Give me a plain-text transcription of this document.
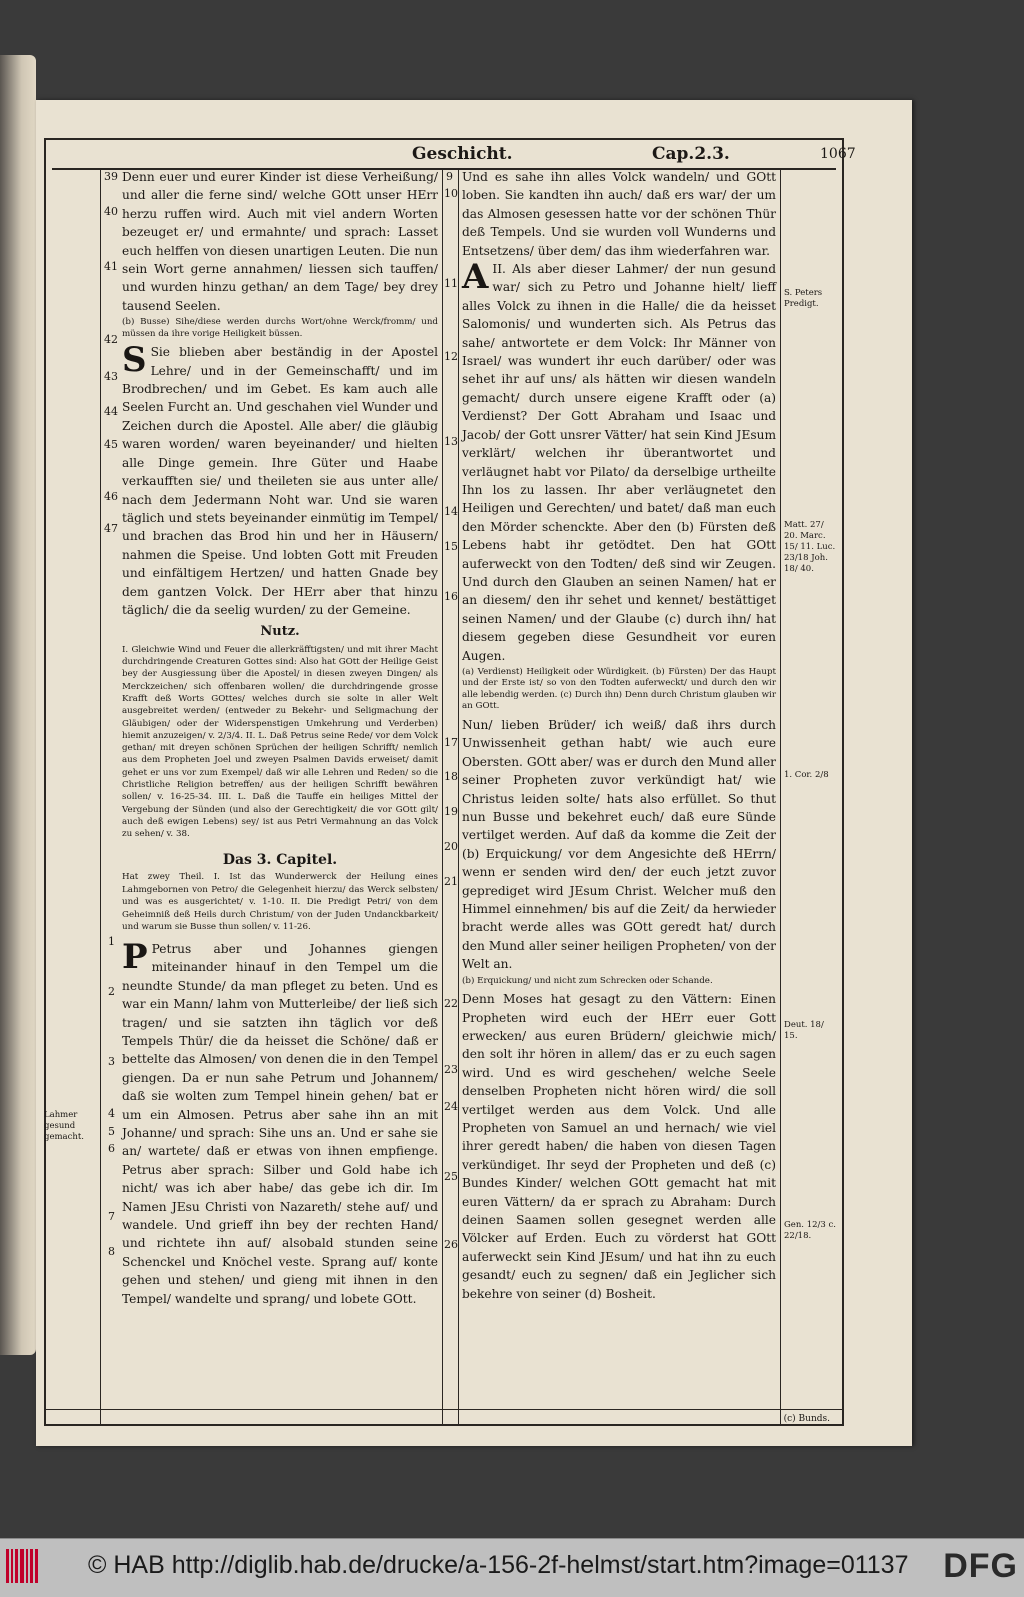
Geschicht.	Cap.2.3.	1067
39
40
41
42
43
44
45
46
47
1
2
3
4
5
6
7
8
Lahmer gesund gemacht.

Denn euer und eurer Kinder ist diese Verheißung/ und aller die ferne sind/ welche GOtt unser HErr herzu ruffen wird. Auch mit viel andern Worten bezeuget er/ und ermahnte/ und sprach: Lasset euch helffen von diesen unartigen Leuten. Die nun sein Wort gerne annahmen/ liessen sich tauffen/ und wurden hinzu gethan/ an dem Tage/ bey drey tausend Seelen.

(b) Busse) Sihe/diese werden durchs Wort/ohne Werck/fromm/ und müssen da ihre vorige Heiligkeit büssen.

S Sie blieben aber beständig in der Apostel Lehre/ und in der Gemeinschafft/ und im Brodbrechen/ und im Gebet. Es kam auch alle Seelen Furcht an. Und geschahen viel Wunder und Zeichen durch die Apostel. Alle aber/ die gläubig waren worden/ waren beyeinander/ und hielten alle Dinge gemein. Ihre Güter und Haabe verkaufften sie/ und theileten sie aus unter alle/ nach dem Jedermann Noht war. Und sie waren täglich und stets beyeinander einmütig im Tempel/ und brachen das Brod hin und her in Häusern/ nahmen die Speise. Und lobten Gott mit Freuden und einfältigem Hertzen/ und hatten Gnade bey dem gantzen Volck. Der HErr aber that hinzu täglich/ die da seelig wurden/ zu der Gemeine.

Nutz.

I. Gleichwie Wind und Feuer die allerkräfftigsten/ und mit ihrer Macht durchdringende Creaturen Gottes sind: Also hat GOtt der Heilige Geist bey der Ausgiessung über die Apostel/ in diesen zweyen Dingen/ als Merckzeichen/ sich offenbaren wollen/ die durchdringende grosse Krafft deß Worts GOttes/ welches durch sie solte in aller Welt ausgebreitet werden/ (entweder zu Bekehr- und Seligmachung der Gläubigen/ oder der Widerspenstigen Umkehrung und Verderben) hiemit anzuzeigen/ v. 2/3/4. II. L. Daß Petrus seine Rede/ vor dem Volck gethan/ mit dreyen schönen Sprüchen der heiligen Schrifft/ nemlich aus dem Propheten Joel und zweyen Psalmen Davids erweiset/ damit gehet er uns vor zum Exempel/ daß wir alle Lehren und Reden/ so die Christliche Religion betreffen/ aus der heiligen Schrifft bewähren sollen/ v. 16-25-34. III. L. Daß die Tauffe ein heiliges Mittel der Vergebung der Sünden (und also der Gerechtigkeit/ die vor GOtt gilt/ auch deß ewigen Lebens) sey/ ist aus Petri Vermahnung an das Volck zu sehen/ v. 38.

Das 3. Capitel.

Hat zwey Theil. I. Ist das Wunderwerck der Heilung eines Lahmgebornen von Petro/ die Gelegenheit hierzu/ das Werck selbsten/ und was es ausgerichtet/ v. 1-10. II. Die Predigt Petri/ von dem Geheimniß deß Heils durch Christum/ von der Juden Undanckbarkeit/ und warum sie Busse thun sollen/ v. 11-26.

P Petrus aber und Johannes giengen miteinander hinauf in den Tempel um die neundte Stunde/ da man pfleget zu beten. Und es war ein Mann/ lahm von Mutterleibe/ der ließ sich tragen/ und sie satzten ihn täglich vor deß Tempels Thür/ die da heisset die Schöne/ daß er bettelte das Almosen/ von denen die in den Tempel giengen. Da er nun sahe Petrum und Johannem/ daß sie wolten zum Tempel hinein gehen/ bat er um ein Almosen. Petrus aber sahe ihn an mit Johanne/ und sprach: Sihe uns an. Und er sahe sie an/ wartete/ daß er etwas von ihnen empfienge. Petrus aber sprach: Silber und Gold habe ich nicht/ was ich aber habe/ das gebe ich dir. Im Namen JEsu Christi von Nazareth/ stehe auf/ und wandele. Und grieff ihn bey der rechten Hand/ und richtete ihn auf/ alsobald stunden seine Schenckel und Knöchel veste. Sprang auf/ konte gehen und stehen/ und gieng mit ihnen in den Tempel/ wandelte und sprang/ und lobete GOtt.

9
10
11
12
13
14
15
16
17
18
19
20
21
22
23
24
25
26

Und es sahe ihn alles Volck wandeln/ und GOtt loben. Sie kandten ihn auch/ daß ers war/ der um das Almosen gesessen hatte vor der schönen Thür deß Tempels. Und sie wurden voll Wunderns und Entsetzens/ über dem/ das ihm wiederfahren war.

AII. Als aber dieser Lahmer/ der nun gesund war/ sich zu Petro und Johanne hielt/ lieff alles Volck zu ihnen in die Halle/ die da heisset Salomonis/ und wunderten sich. Als Petrus das sahe/ antwortete er dem Volck: Ihr Männer von Israel/ was wundert ihr euch darüber/ oder was sehet ihr auf uns/ als hätten wir diesen wandeln gemacht/ durch unsere eigene Krafft oder (a) Verdienst? Der Gott Abraham und Isaac und Jacob/ der Gott unsrer Vätter/ hat sein Kind JEsum verklärt/ welchen ihr überantwortet und verläugnet habt vor Pilato/ da derselbige urtheilte Ihn los zu lassen. Ihr aber verläugnetet den Heiligen und Gerechten/ und batet/ daß man euch den Mörder schenckte. Aber den (b) Fürsten deß Lebens habt ihr getödtet. Den hat GOtt auferweckt von den Todten/ deß sind wir Zeugen. Und durch den Glauben an seinen Namen/ hat er an diesem/ den ihr sehet und kennet/ bestättiget seinen Namen/ und der Glaube (c) durch ihn/ hat diesem gegeben diese Gesundheit vor euren Augen.

(a) Verdienst) Heiligkeit oder Würdigkeit. (b) Fürsten) Der das Haupt und der Erste ist/ so von den Todten auferweckt/ und durch den wir alle lebendig werden. (c) Durch ihn) Denn durch Christum glauben wir an GOtt.

Nun/ lieben Brüder/ ich weiß/ daß ihrs durch Unwissenheit gethan habt/ wie auch eure Obersten. GOtt aber/ was er durch den Mund aller seiner Propheten zuvor verkündigt hat/ wie Christus leiden solte/ hats also erfüllet. So thut nun Busse und bekehret euch/ daß eure Sünde vertilget werden. Auf daß da komme die Zeit der (b) Erquickung/ vor dem Angesichte deß HErrn/ wenn er senden wird den/ der euch jetzt zuvor geprediget wird JEsum Christ. Welcher muß den Himmel einnehmen/ bis auf die Zeit/ da herwieder bracht werde alles was GOtt geredt hat/ durch den Mund aller seiner heiligen Propheten/ von der Welt an.

(b) Erquickung/ und nicht zum Schrecken oder Schande.

Denn Moses hat gesagt zu den Vättern: Einen Propheten wird euch der HErr euer Gott erwecken/ aus euren Brüdern/ gleichwie mich/ den solt ihr hören in allem/ das er zu euch sagen wird. Und es wird geschehen/ welche Seele denselben Propheten nicht hören wird/ die soll vertilget werden aus dem Volck. Und alle Propheten von Samuel an und hernach/ wie viel ihrer geredt haben/ die haben von diesen Tagen verkündiget. Ihr seyd der Propheten und deß (c) Bundes Kinder/ welchen GOtt gemacht hat mit euren Vättern/ da er sprach zu Abraham: Durch deinen Saamen sollen gesegnet werden alle Völcker auf Erden. Euch zu vörderst hat GOtt auferweckt sein Kind JEsum/ und hat ihn zu euch gesandt/ euch zu segnen/ daß ein Jeglicher sich bekehre von seiner (d) Bosheit.

S. Peters Predigt.
Matt. 27/ 20. Marc. 15/ 11. Luc. 23/18 Joh. 18/ 40.
1. Cor. 2/8
Deut. 18/ 15.
Gen. 12/3 c. 22/18.
(c) Bunds.
© HAB http://diglib.hab.de/drucke/a-156-2f-helmst/start.htm?image=01137 DFG
